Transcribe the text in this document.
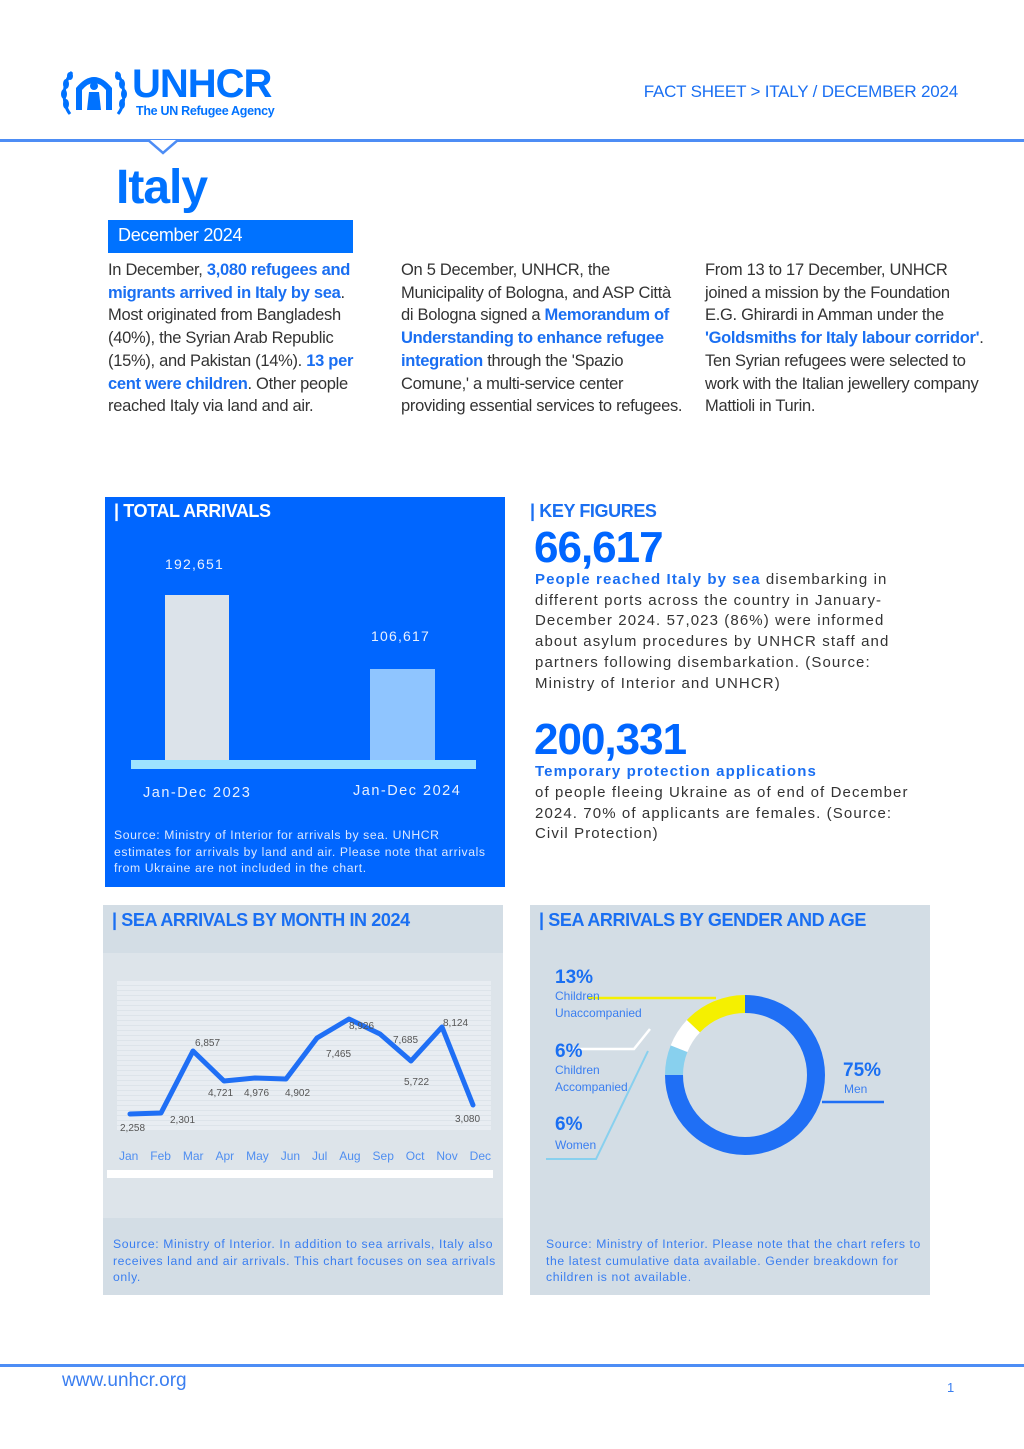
UNHCR
The UN Refugee Agency
FACT SHEET > ITALY / DECEMBER 2024
Italy
December 2024
In December, 3,080 refugees and migrants arrived in Italy by sea. Most originated from Bangladesh (40%), the Syrian Arab Republic (15%), and Pakistan (14%). 13 per cent were children. Other people reached Italy via land and air.
On 5 December, UNHCR, the Municipality of Bologna, and ASP Città di Bologna signed a Memorandum of Understanding to enhance refugee integration through the 'Spazio Comune,' a multi-service center providing essential services to refugees.
From 13 to 17 December, UNHCR joined a mission by the Foundation E.G. Ghirardi in Amman under the 'Goldsmiths for Italy labour corridor'. Ten Syrian refugees were selected to work with the Italian jewellery company Mattioli in Turin.
| TOTAL ARRIVALS
192,651
106,617
Jan-Dec 2023	Jan-Dec 2024
Source: Ministry of Interior for arrivals by sea. UNHCR estimates for arrivals by land and air. Please note that arrivals from Ukraine are not included in the chart.
| KEY FIGURES
66,617
People reached Italy by sea disembarking in different ports across the country in January-December 2024. 57,023 (86%) were informed about asylum procedures by UNHCR staff and partners following disembarkation. (Source: Ministry of Interior and UNHCR)
200,331
Temporary protection applications
of people fleeing Ukraine as of end of December 2024. 70% of applicants are females. (Source: Civil Protection)
| SEA ARRIVALS BY MONTH IN 2024
2,258
2,301
6,857
4,721 4,976 4,902
7,465
8,926
7,685
5,722
8,124
3,080
Jan Feb Mar Apr May Jun Jul Aug Sep Oct Nov Dec
Source: Ministry of Interior. In addition to sea arrivals, Italy also receives land and air arrivals. This chart focuses on sea arrivals only.
| SEA ARRIVALS BY GENDER AND AGE
13%
Children
Unaccompanied
6%
Children
Accompanied
6%
Women
75%
Men
Source: Ministry of Interior. Please note that the chart refers to the latest cumulative data available. Gender breakdown for children is not available.
www.unhcr.org	1
